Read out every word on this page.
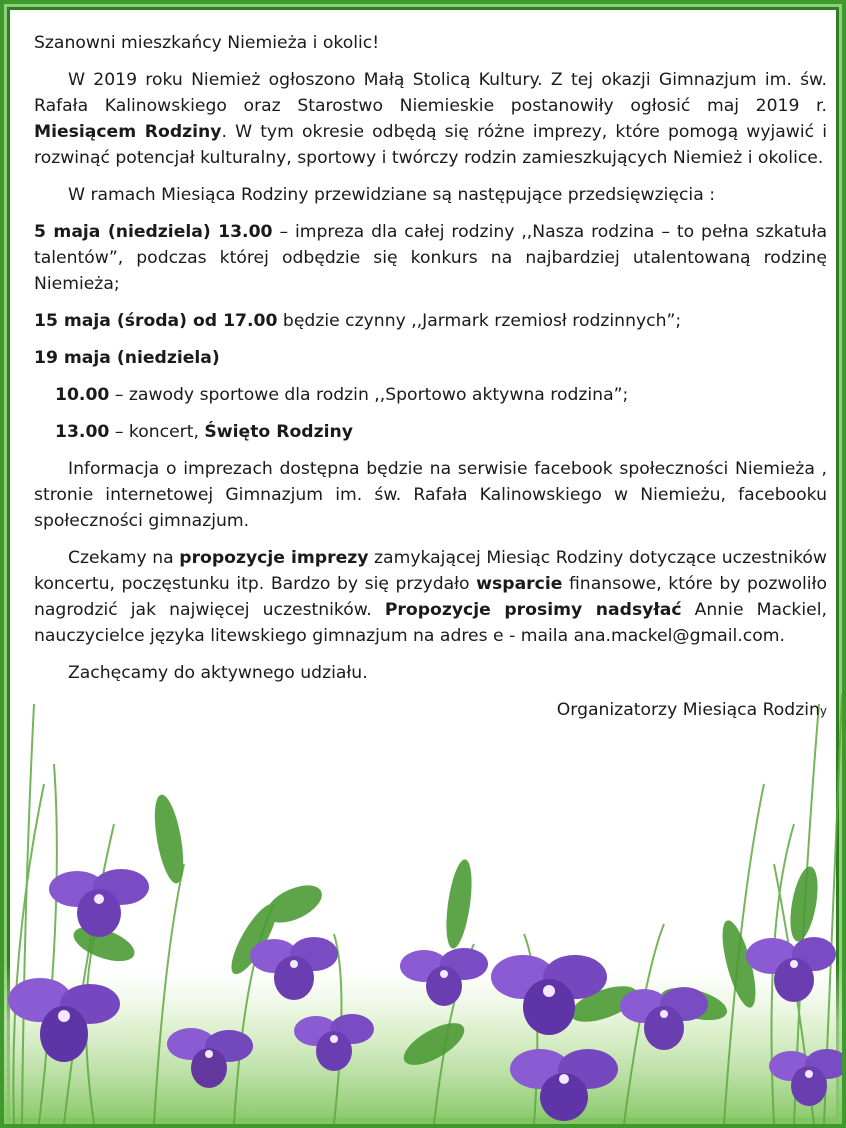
Szanowni mieszkańcy Niemieża i okolic!

W 2019 roku Niemież ogłoszono Małą Stolicą Kultury. Z tej okazji Gimnazjum im. św. Rafała Kalinowskiego oraz Starostwo Niemieskie postanowiły ogłosić maj 2019 r. Miesiącem Rodziny. W tym okresie odbędą się różne imprezy, które pomogą wyjawić i rozwinąć potencjał kulturalny, sportowy i twórczy rodzin zamieszkujących Niemież i okolice.

W ramach Miesiąca Rodziny przewidziane są następujące przedsięwzięcia :

5 maja (niedziela) 13.00 – impreza dla całej rodziny ,,Nasza rodzina – to pełna szkatuła talentów”, podczas której odbędzie się konkurs na najbardziej utalentowaną rodzinę Niemieża;

15 maja (środa) od 17.00 będzie czynny ,,Jarmark rzemiosł rodzinnych”;

19 maja (niedziela)

10.00 – zawody sportowe dla rodzin ,,Sportowo aktywna rodzina”;

13.00 – koncert, Święto Rodziny

Informacja o imprezach dostępna będzie na serwisie facebook społeczności Niemieża , stronie internetowej Gimnazjum im. św. Rafała Kalinowskiego w Niemieżu, facebooku społeczności gimnazjum.

Czekamy na propozycje imprezy zamykającej Miesiąc Rodziny dotyczące uczestników koncertu, poczęstunku itp. Bardzo by się przydało wsparcie finansowe, które by pozwoliło nagrodzić jak najwięcej uczestników. Propozycje prosimy nadsyłać Annie Mackiel, nauczycielce języka litewskiego gimnazjum na adres e - maila ana.mackel@gmail.com.

Zachęcamy do aktywnego udziału.

Organizatorzy Miesiąca Rodziny
